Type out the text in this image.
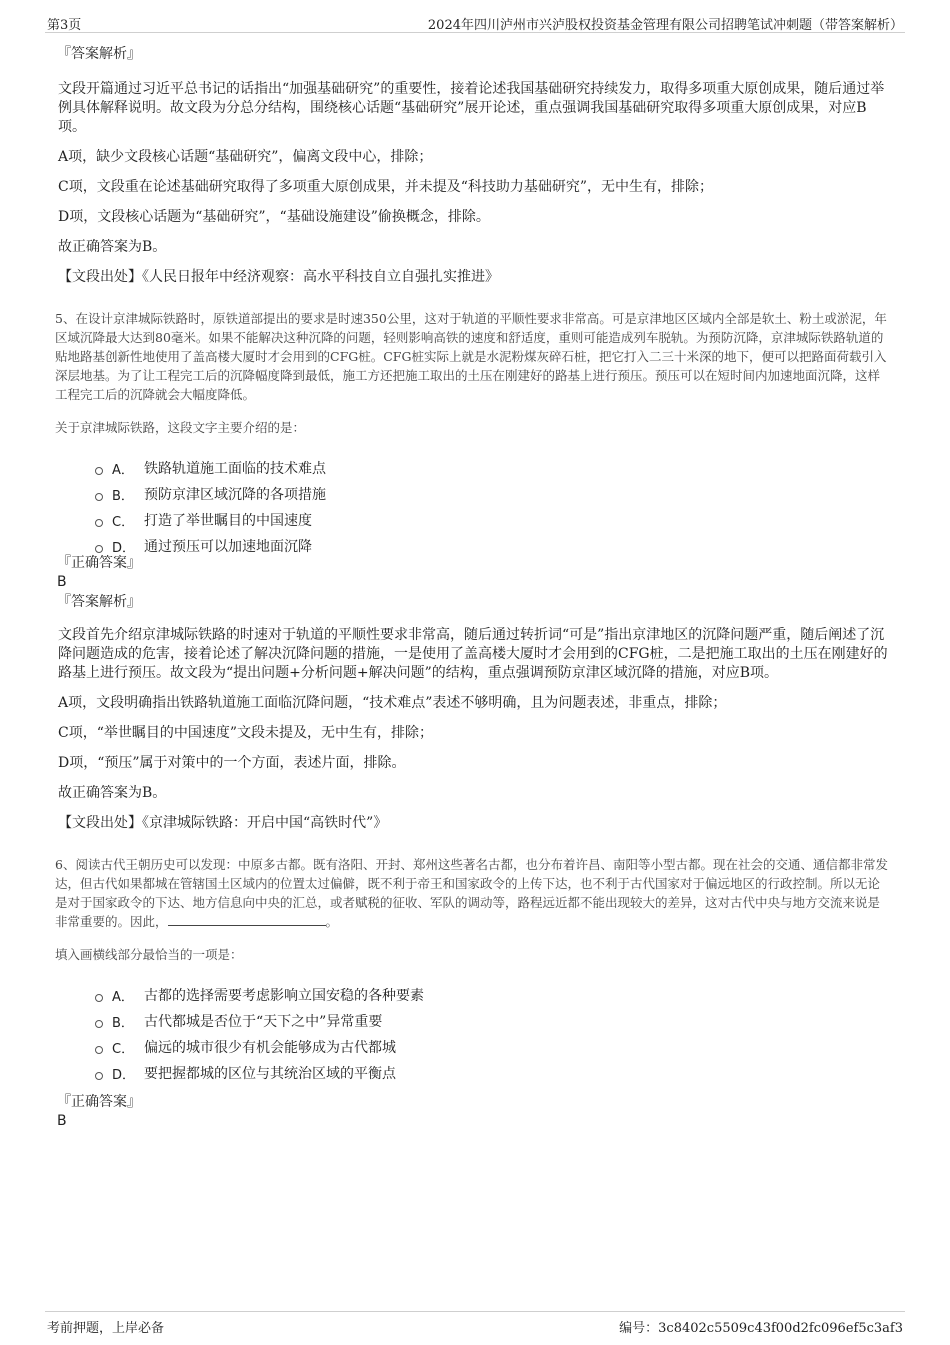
第3页	2024年四川泸州市兴泸股权投资基金管理有限公司招聘笔试冲刺题（带答案解析）
『答案解析』

文段开篇通过习近平总书记的话指出“加强基础研究”的重要性，接着论述我国基础研究持续发力，取得多项重大原创成果，随后通过举例具体解释说明。故文段为分总分结构，围绕核心话题“基础研究”展开论述，重点强调我国基础研究取得多项重大原创成果，对应B项。

A项，缺少文段核心话题“基础研究”，偏离文段中心，排除；

C项，文段重在论述基础研究取得了多项重大原创成果，并未提及“科技助力基础研究”，无中生有，排除；

D项，文段核心话题为“基础研究”，“基础设施建设”偷换概念，排除。

故正确答案为B。

【文段出处】《人民日报年中经济观察：高水平科技自立自强扎实推进》

5、在设计京津城际铁路时，原铁道部提出的要求是时速350公里，这对于轨道的平顺性要求非常高。可是京津地区区域内全部是软土、粉土或淤泥，年区域沉降最大达到80毫米。如果不能解决这种沉降的问题，轻则影响高铁的速度和舒适度，重则可能造成列车脱轨。为预防沉降，京津城际铁路轨道的贴地路基创新性地使用了盖高楼大厦时才会用到的CFG桩。CFG桩实际上就是水泥粉煤灰碎石桩，把它打入二三十米深的地下，便可以把路面荷载引入深层地基。为了让工程完工后的沉降幅度降到最低，施工方还把施工取出的土压在刚建好的路基上进行预压。预压可以在短时间内加速地面沉降，这样工程完工后的沉降就会大幅度降低。

关于京津城际铁路，这段文字主要介绍的是：

A． 铁路轨道施工面临的技术难点
B． 预防京津区域沉降的各项措施
C． 打造了举世瞩目的中国速度
D． 通过预压可以加速地面沉降
『正确答案』
B
『答案解析』

文段首先介绍京津城际铁路的时速对于轨道的平顺性要求非常高，随后通过转折词“可是”指出京津地区的沉降问题严重，随后阐述了沉降问题造成的危害，接着论述了解决沉降问题的措施，一是使用了盖高楼大厦时才会用到的CFG桩，二是把施工取出的土压在刚建好的路基上进行预压。故文段为“提出问题+分析问题+解决问题”的结构，重点强调预防京津区域沉降的措施，对应B项。

A项，文段明确指出铁路轨道施工面临沉降问题，“技术难点”表述不够明确，且为问题表述，非重点，排除；

C项，“举世瞩目的中国速度”文段未提及，无中生有，排除；

D项，“预压”属于对策中的一个方面，表述片面，排除。

故正确答案为B。

【文段出处】《京津城际铁路：开启中国“高铁时代”》

6、阅读古代王朝历史可以发现：中原多古都。既有洛阳、开封、郑州这些著名古都，也分布着许昌、南阳等小型古都。现在社会的交通、通信都非常发达，但古代如果都城在管辖国土区域内的位置太过偏僻，既不利于帝王和国家政令的上传下达，也不利于古代国家对于偏远地区的行政控制。所以无论是对于国家政令的下达、地方信息向中央的汇总，或者赋税的征收、军队的调动等，路程远近都不能出现较大的差异，这对古代中央与地方交流来说是非常重要的。因此，	。

填入画横线部分最恰当的一项是：

A． 古都的选择需要考虑影响立国安稳的各种要素
B． 古代都城是否位于“天下之中”异常重要
C． 偏远的城市很少有机会能够成为古代都城
D． 要把握都城的区位与其统治区域的平衡点
『正确答案』
B
考前押题，上岸必备	编号：3c8402c5509c43f00d2fc096ef5c3af3
